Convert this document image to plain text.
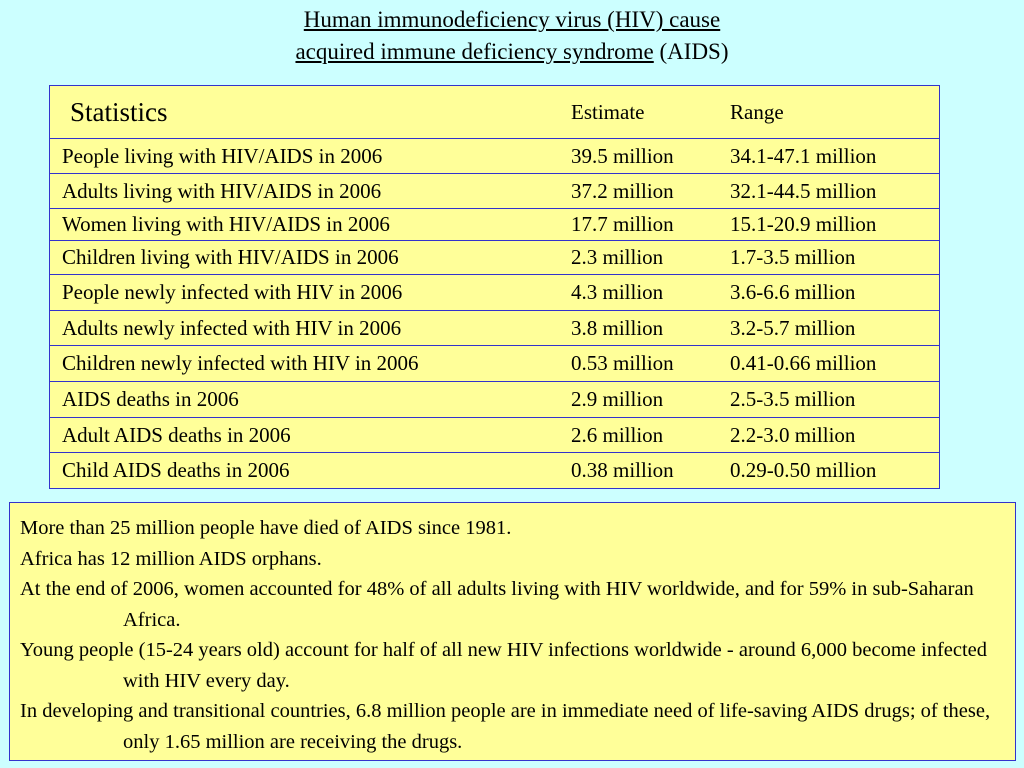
Human immunodeficiency virus (HIV) cause
acquired immune deficiency syndrome (AIDS)
Statistics	Estimate	Range
People living with HIV/AIDS in 2006	39.5 million	34.1-47.1 million
Adults living with HIV/AIDS in 2006	37.2 million	32.1-44.5 million
Women living with HIV/AIDS in 2006	17.7 million	15.1-20.9 million
Children living with HIV/AIDS in 2006	2.3 million	1.7-3.5 million
People newly infected with HIV in 2006	4.3 million	3.6-6.6 million
Adults newly infected with HIV in 2006	3.8 million	3.2-5.7 million
Children newly infected with HIV in 2006	0.53 million	0.41-0.66 million
AIDS deaths in 2006	2.9 million	2.5-3.5 million
Adult AIDS deaths in 2006	2.6 million	2.2-3.0 million
Child AIDS deaths in 2006	0.38 million	0.29-0.50 million

More than 25 million people have died of AIDS since 1981.

Africa has 12 million AIDS orphans.

At the end of 2006, women accounted for 48% of all adults living with HIV worldwide, and for 59% in sub-Saharan Africa.

Young people (15-24 years old) account for half of all new HIV infections worldwide - around 6,000 become infected with HIV every day.

In developing and transitional countries, 6.8 million people are in immediate need of life-saving AIDS drugs; of these, only 1.65 million are receiving the drugs.
